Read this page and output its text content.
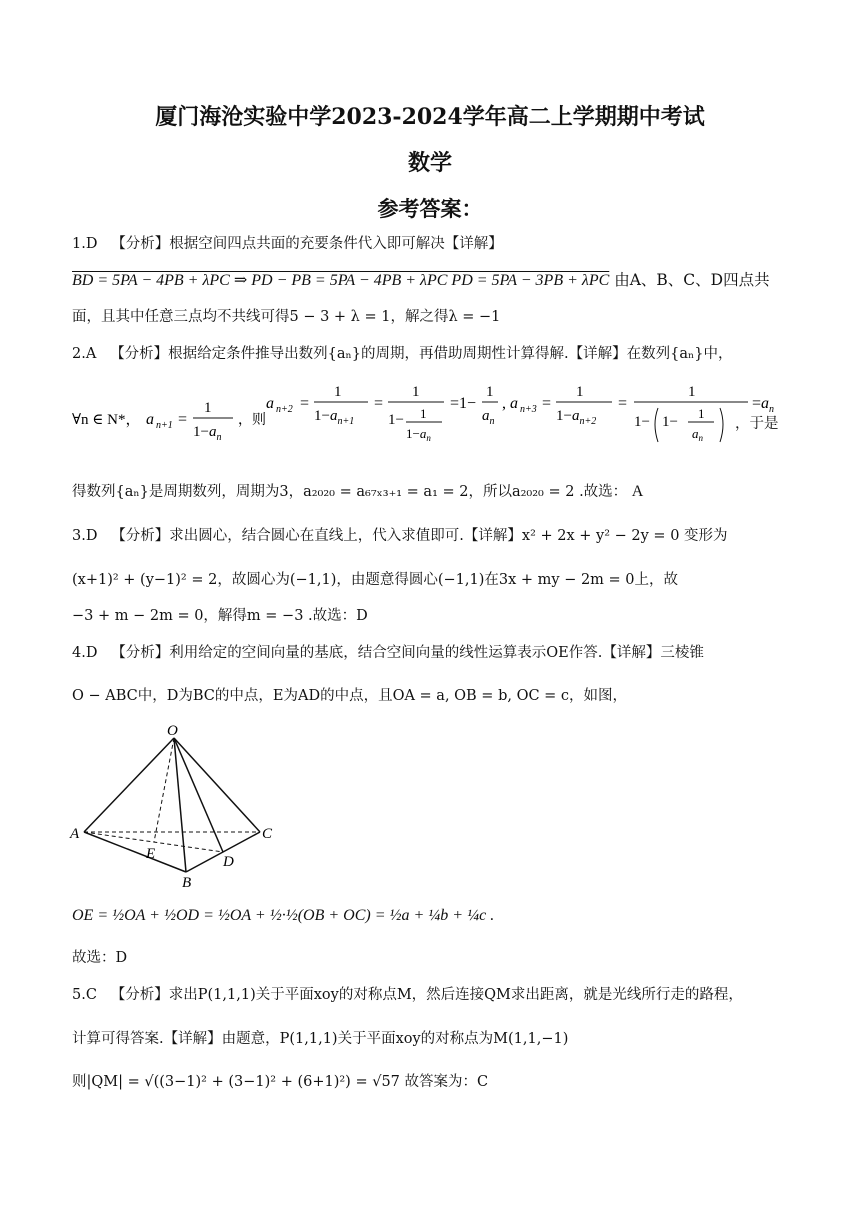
厦门海沧实验中学2023-2024学年高二上学期期中考试
数学
参考答案：
1.D 【分析】根据空间四点共面的充要条件代入即可解决【详解】
BD = 5PA − 4PB + λPC ⇒ PD − PB = 5PA − 4PB + λPC PD = 5PA − 3PB + λPC 由A、B、C、D四点共
面，且其中任意三点均不共线可得5 − 3 + λ = 1，解之得λ = −1
2.A 【分析】根据给定条件推导出数列{aₙ}的周期，再借助周期性计算得解.【详解】在数列{aₙ}中，
∀n ∈ N*， a n+1 =
1
$1-a_n$
，则
a n+2 =
1
$1-a_{n+1}$
=
1
1− 1
$1-a_n$
=1−
1
$a_n$
, a n+3 =
1
$1-a_{n+2}$
=
1
1− 1−
1
$a_n$
$=a_n$
，于是
得数列{aₙ}是周期数列，周期为3，a₂₀₂₀ = a₆₇ₓ₃₊₁ = a₁ = 2，所以a₂₀₂₀ = 2 .故选： A
3.D 【分析】求出圆心，结合圆心在直线上，代入求值即可.【详解】x² + 2x + y² − 2y = 0 变形为
(x+1)² + (y−1)² = 2，故圆心为(−1,1)，由题意得圆心(−1,1)在3x + my − 2m = 0上，故
−3 + m − 2m = 0，解得m = −3 .故选：D
4.D 【分析】利用给定的空间向量的基底，结合空间向量的线性运算表示OE作答.【详解】三棱锥
O − ABC中，D为BC的中点，E为AD的中点，且OA = a, OB = b, OC = c，如图，
O
A	C
B
D
E
OE = ½OA + ½OD = ½OA + ½·½(OB + OC) = ½a + ¼b + ¼c .
故选：D
5.C 【分析】求出P(1,1,1)关于平面xoy的对称点M，然后连接QM求出距离，就是光线所行走的路程，
计算可得答案.【详解】由题意，P(1,1,1)关于平面xoy的对称点为M(1,1,−1)
则|QM| = √((3−1)² + (3−1)² + (6+1)²) = √57 故答案为：C
